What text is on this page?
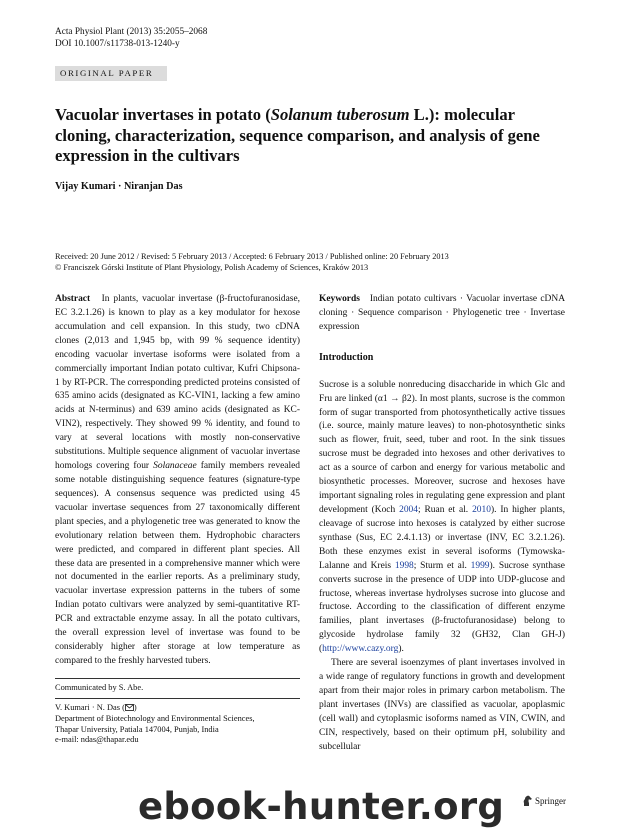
Acta Physiol Plant (2013) 35:2055–2068
DOI 10.1007/s11738-013-1240-y
ORIGINAL PAPER
Vacuolar invertases in potato (Solanum tuberosum L.): molecular cloning, characterization, sequence comparison, and analysis of gene expression in the cultivars
Vijay Kumari · Niranjan Das
Received: 20 June 2012 / Revised: 5 February 2013 / Accepted: 6 February 2013 / Published online: 20 February 2013
© Franciszek Górski Institute of Plant Physiology, Polish Academy of Sciences, Kraków 2013

Abstract In plants, vacuolar invertase (β-fructofuranosidase, EC 3.2.1.26) is known to play as a key modulator for hexose accumulation and cell expansion. In this study, two cDNA clones (2,013 and 1,945 bp, with 99 % sequence identity) encoding vacuolar invertase isoforms were isolated from a commercially important Indian potato cultivar, Kufri Chipsona-1 by RT-PCR. The corresponding predicted proteins consisted of 635 amino acids (designated as KC-VIN1, lacking a few amino acids at N-terminus) and 639 amino acids (designated as KC-VIN2), respectively. They showed 99 % identity, and found to vary at several locations with mostly non-conservative substitutions. Multiple sequence alignment of vacuolar invertase homologs covering four Solanaceae family members revealed some notable distinguishing sequence features (signature-type sequences). A consensus sequence was predicted using 45 vacuolar invertase sequences from 27 taxonomically different plant species, and a phylogenetic tree was generated to know the evolutionary relation between them. Hydrophobic characters were predicted, and compared in different plant species. All these data are presented in a comprehensive manner which were not documented in the earlier reports. As a preliminary study, vacuolar invertase expression patterns in the tubers of some Indian potato cultivars were analyzed by semi-quantitative RT-PCR and extractable enzyme assay. In all the potato cultivars, the overall expression level of invertase was found to be considerably higher after storage at low temperature as compared to the freshly harvested tubers.

Keywords Indian potato cultivars · Vacuolar invertase cDNA cloning · Sequence comparison · Phylogenetic tree · Invertase expression

Introduction

Sucrose is a soluble nonreducing disaccharide in which Glc and Fru are linked (α1 → β2). In most plants, sucrose is the common form of sugar transported from photosynthetically active tissues (i.e. source, mainly mature leaves) to non-photosynthetic sinks such as flower, fruit, seed, tuber and root. In the sink tissues sucrose must be degraded into hexoses and other derivatives to act as a source of carbon and energy for various metabolic and biosynthetic processes. Moreover, sucrose and hexoses have important signaling roles in regulating gene expression and plant development (Koch 2004; Ruan et al. 2010). In higher plants, cleavage of sucrose into hexoses is catalyzed by either sucrose synthase (Sus, EC 2.4.1.13) or invertase (INV, EC 3.2.1.26). Both these enzymes exist in several isoforms (Tymowska-Lalanne and Kreis 1998; Sturm et al. 1999). Sucrose synthase converts sucrose in the presence of UDP into UDP-glucose and fructose, whereas invertase hydrolyses sucrose into glucose and fructose. According to the classification of different enzyme families, plant invertases (β-fructofuranosidase) belong to glycoside hydrolase family 32 (GH32, Clan GH-J) (http://www.cazy.org).

There are several isoenzymes of plant invertases involved in a wide range of regulatory functions in growth and development apart from their major roles in primary carbon metabolism. The plant invertases (INVs) are classified as vacuolar, apoplasmic (cell wall) and cytoplasmic isoforms named as VIN, CWIN, and CIN, respectively, based on their optimum pH, solubility and subcellular

Communicated by S. Abe.
V. Kumari · N. Das ( )
Department of Biotechnology and Environmental Sciences,
Thapar University, Patiala 147004, Punjab, India
e-mail: ndas@thapar.edu
Springer
ebook-hunter.org
